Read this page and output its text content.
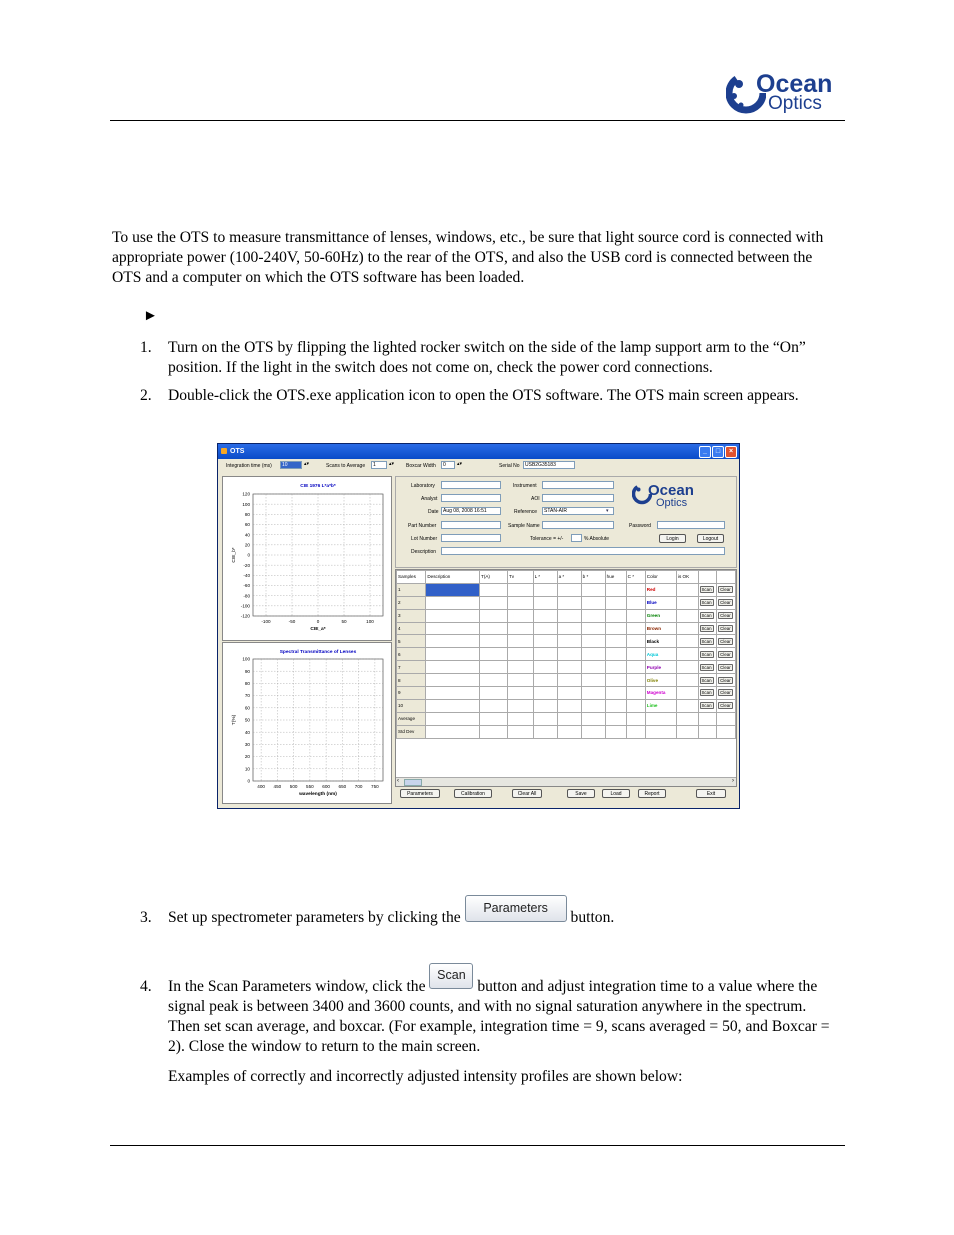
Ocean
Optics

To use the OTS to measure transmittance of lenses, windows, etc., be sure that light source cord is connected with appropriate power (100-240V, 50-60Hz) to the rear of the OTS, and also the USB cord is connected between the OTS and a computer on which the OTS software has been loaded.

►
1. Turn on the OTS by flipping the lighted rocker switch on the side of the lamp support arm to the “On” position. If the light in the switch does not come on, check the power cord connections.
2. Double-click the OTS.exe application icon to open the OTS software. The OTS main screen appears.
OTS	_	□	×
Integration time (ms)	10	▴▾	Scans to Average	1	▴▾ Boxcar Width	0	▴▾	Serial No	USB2G35183
CIE 1976 L*a*b*
120
100
80
60
40
20
0
-20
-40
-60
-80
-100
-120
-100	-50	0	50	100
CIE_a*
CIE_b*
Spectral Transmittance of Lenses
100
90
80
70
60
50
40
30
20
10
0
400 450 500 550 600 650 700 750
wavelength (nm)
T(%)
Laboratory
Analyst
Date Aug 08, 2008 16:51
Part Number
Lot Number
Description
Instrument
AOI
Reference	STAN-AIR	▾
Sample Name
Tolerance = +/-	% Absolute
Ocean
Optics
Password
Login	Logout
Samples	Description	T(A)	Tv	L *	a *	b *	hue	C *	Color	is OK		
1									Red		Scan	Clear
2									Blue		Scan	Clear
3									Green		Scan	Clear
4									Brown		Scan	Clear
5									Black		Scan	Clear
6									Aqua		Scan	Clear
7									Purple		Scan	Clear
8									Olive		Scan	Clear
9									Magenta		Scan	Clear
10									Lime		Scan	Clear
Average												
Std Dev												
‹	›
Parameters	Calibration	Clear All	Save	Load	Report	Exit
3. Set up spectrometer parameters by clicking the Parameters button.
4. In the Scan Parameters window, click the Scan button and adjust integration time to a value where the signal peak is between 3400 and 3600 counts, and with no signal saturation anywhere in the spectrum. Then set scan average, and boxcar. (For example, integration time = 9, scans averaged = 50, and Boxcar = 2). Close the window to return to the main screen.
Examples of correctly and incorrectly adjusted intensity profiles are shown below:
